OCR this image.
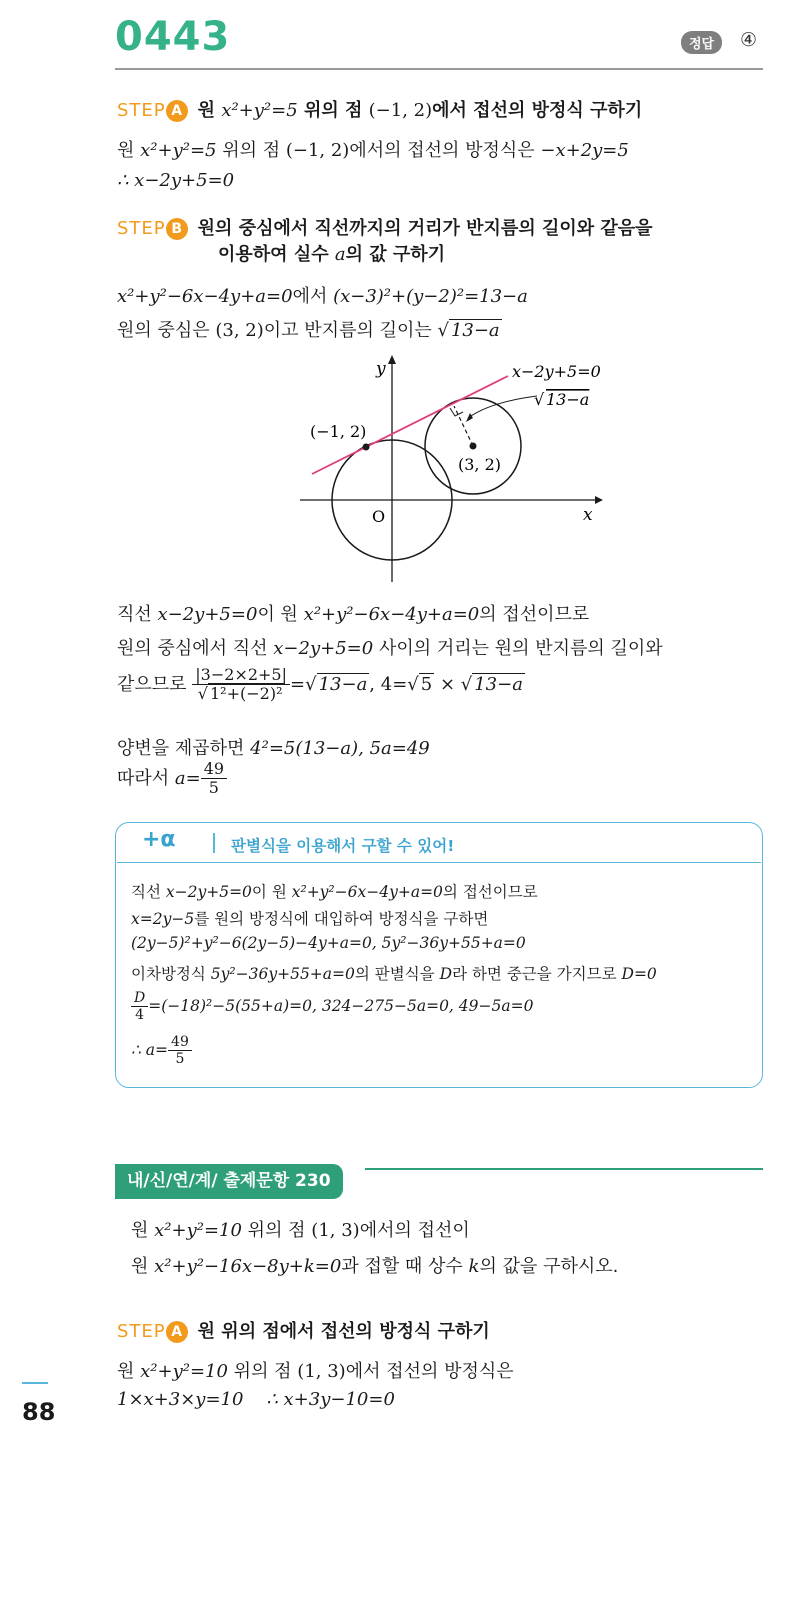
0443	정답	④
STEP A 원 x²+y²=5 위의 점 (−1, 2)에서 접선의 방정식 구하기
원 x²+y²=5 위의 점 (−1, 2)에서의 접선의 방정식은 −x+2y=5
∴ x−2y+5=0
STEP B 원의 중심에서 직선까지의 거리가 반지름의 길이와 같음을
이용하여 실수 a의 값 구하기
x²+y²−6x−4y+a=0에서 (x−3)²+(y−2)²=13−a
원의 중심은 (3, 2)이고 반지름의 길이는 √ 13−a
y
x
O
x−2y+5=0
√ 13−a
(−1, 2)
(3, 2)
직선 x−2y+5=0이 원 x²+y²−6x−4y+a=0의 접선이므로
원의 중심에서 직선 x−2y+5=0 사이의 거리는 원의 반지름의 길이와
같으므로 $\frac{|3-2\times 2+5|}{\text{√ 1²+(−2)²}}$ =√ 13−a , 4=√ 5 × √ 13−a
양변을 제곱하면 4²=5(13−a), 5a=49
따라서 $a= \frac{49}{5}$
+α	판별식을 이용해서 구할 수 있어!
직선 x−2y+5=0이 원 x²+y²−6x−4y+a=0의 접선이므로
x=2y−5를 원의 방정식에 대입하여 방정식을 구하면
(2y−5)²+y²−6(2y−5)−4y+a=0, 5y²−36y+55+a=0
이차방정식 5y²−36y+55+a=0의 판별식을 D라 하면 중근을 가지므로 D=0
$\frac{D}{4} =(-18)^2-5(55+a)=0$, 324−275−5a=0, 49−5a=0
∴ $a= \frac{49}{5}$
내/신/연/계/ 출제문항 230
원 x²+y²=10 위의 점 (1, 3)에서의 접선이
원 x²+y²−16x−8y+k=0과 접할 때 상수 k의 값을 구하시오.
STEP A 원 위의 점에서 접선의 방정식 구하기
원 x²+y²=10 위의 점 (1, 3)에서 접선의 방정식은
1×x+3×y=10 ∴ x+3y−10=0
88
